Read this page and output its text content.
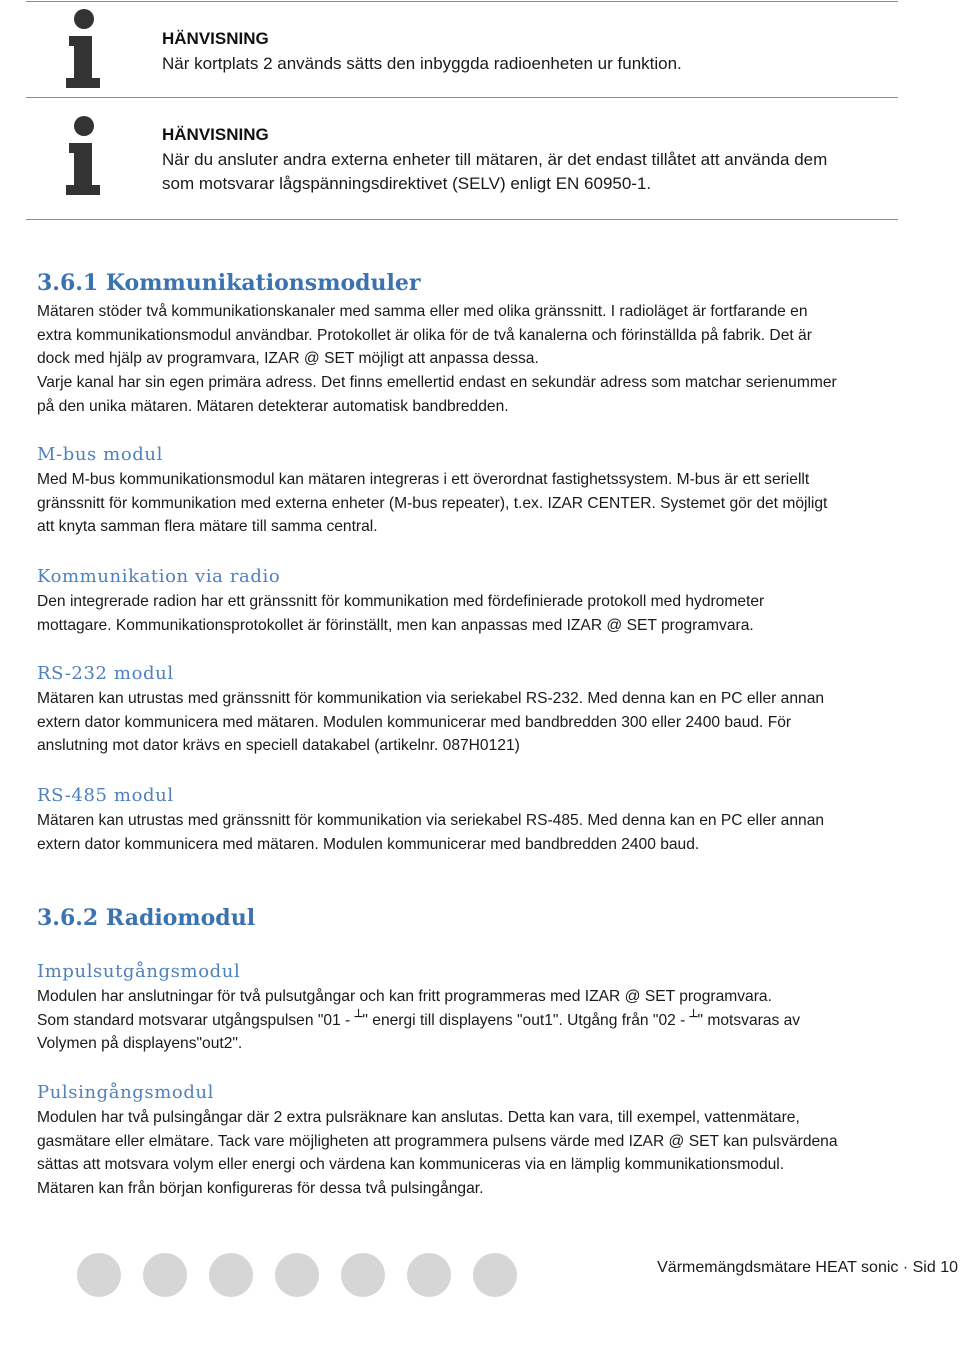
HÄNVISNING
När kortplats 2 används sätts den inbyggda radioenheten ur funktion.
HÄNVISNING
När du ansluter andra externa enheter till mätaren, är det endast tillåtet att använda dem
som motsvarar lågspänningsdirektivet (SELV) enligt EN 60950-1.
3.6.1 Kommunikationsmoduler
Mätaren stöder två kommunikationskanaler med samma eller med olika gränssnitt. I radioläget är fortfarande en
extra kommunikationsmodul användbar. Protokollet är olika för de två kanalerna och förinställda på fabrik. Det är
dock med hjälp av programvara, IZAR @ SET möjligt att anpassa dessa.
Varje kanal har sin egen primära adress. Det finns emellertid endast en sekundär adress som matchar serienummer
på den unika mätaren. Mätaren detekterar automatisk bandbredden.
M-bus modul
Med M-bus kommunikationsmodul kan mätaren integreras i ett överordnat fastighetssystem. M-bus är ett seriellt
gränssnitt för kommunikation med externa enheter (M-bus repeater), t.ex. IZAR CENTER. Systemet gör det möjligt
att knyta samman flera mätare till samma central.
Kommunikation via radio
Den integrerade radion har ett gränssnitt för kommunikation med fördefinierade protokoll med hydrometer
mottagare. Kommunikationsprotokollet är förinställt, men kan anpassas med IZAR @ SET programvara.
RS-232 modul
Mätaren kan utrustas med gränssnitt för kommunikation via seriekabel RS-232. Med denna kan en PC eller annan
extern dator kommunicera med mätaren. Modulen kommunicerar med bandbredden 300 eller 2400 baud. För
anslutning mot dator krävs en speciell datakabel (artikelnr. 087H0121)
RS-485 modul
Mätaren kan utrustas med gränssnitt för kommunikation via seriekabel RS-485. Med denna kan en PC eller annan
extern dator kommunicera med mätaren. Modulen kommunicerar med bandbredden 2400 baud.
3.6.2 Radiomodul
Impulsutgångsmodul
Modulen har anslutningar för två pulsutgångar och kan fritt programmeras med IZAR @ SET programvara.
Som standard motsvarar utgångspulsen "01 - ┴" energi till displayens "out1". Utgång från "02 - ┴" motsvaras av
Volymen på displayens"out2".
Pulsingångsmodul
Modulen har två pulsingångar där 2 extra pulsräknare kan anslutas. Detta kan vara, till exempel, vattenmätare,
gasmätare eller elmätare. Tack vare möjligheten att programmera pulsens värde med IZAR @ SET kan pulsvärdena
sättas att motsvara volym eller energi och värdena kan kommuniceras via en lämplig kommunikationsmodul.
Mätaren kan från början konfigureras för dessa två pulsingångar.
Värmemängdsmätare HEAT sonic · Sid 10
